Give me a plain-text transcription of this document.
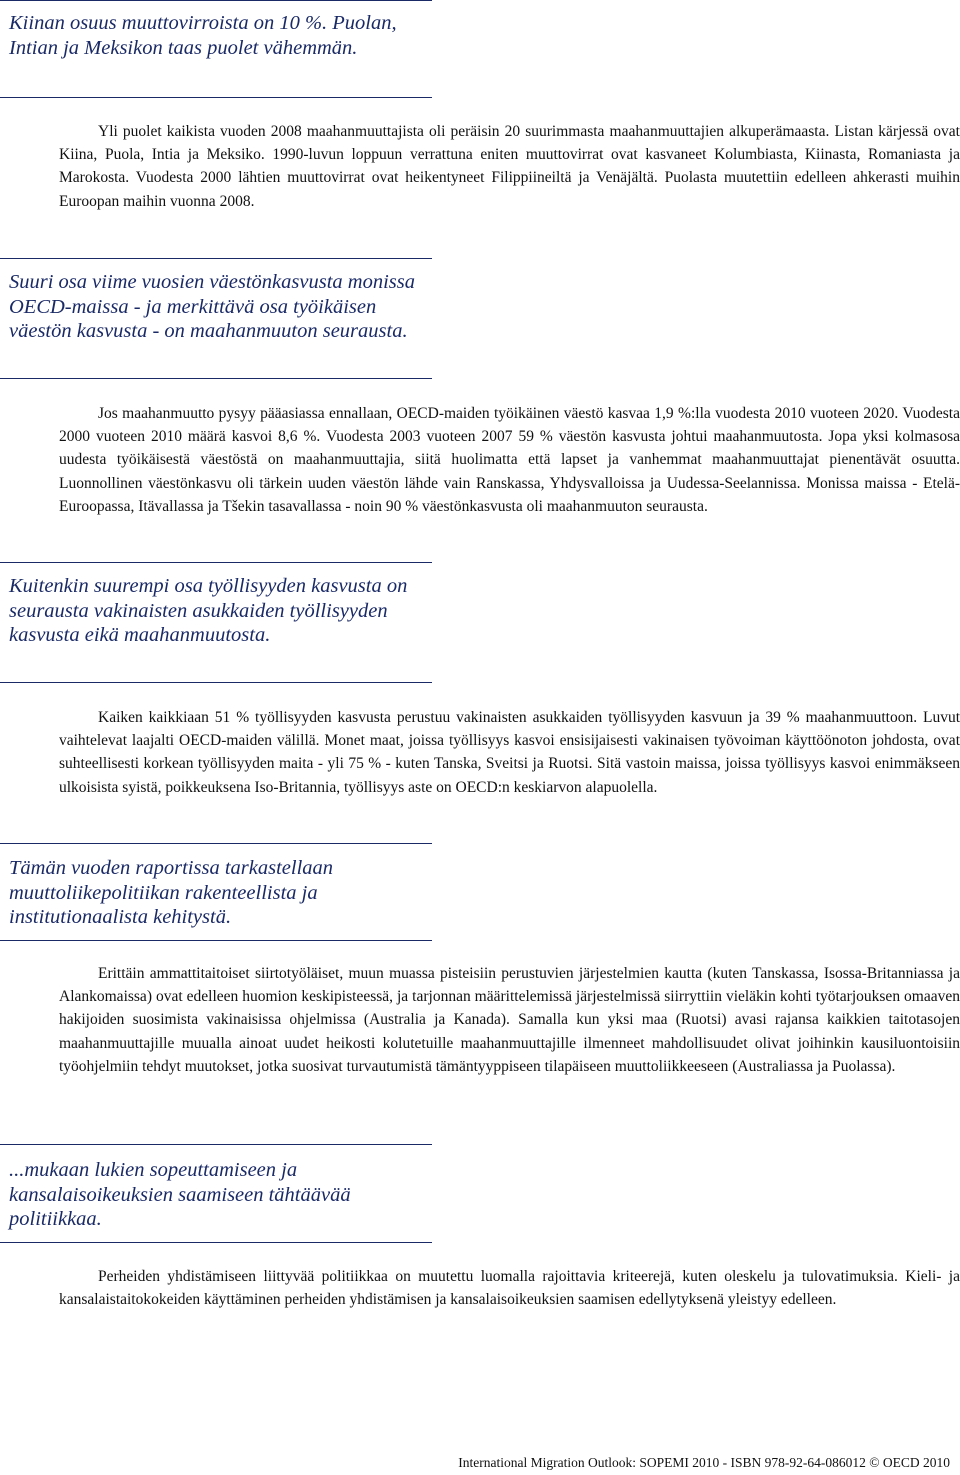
Kiinan osuus muuttovirroista on 10 %. Puolan, Intian ja Meksikon taas puolet vähemmän.

Yli puolet kaikista vuoden 2008 maahanmuuttajista oli peräisin 20 suurimmasta maahanmuuttajien alkuperämaasta. Listan kärjessä ovat Kiina, Puola, Intia ja Meksiko. 1990-luvun loppuun verrattuna eniten muuttovirrat ovat kasvaneet Kolumbiasta, Kiinasta, Romaniasta ja Marokosta. Vuodesta 2000 lähtien muuttovirrat ovat heikentyneet Filippiineiltä ja Venäjältä. Puolasta muutettiin edelleen ahkerasti muihin Euroopan maihin vuonna 2008.

Suuri osa viime vuosien väestönkasvusta monissa OECD-maissa - ja merkittävä osa työikäisen väestön kasvusta - on maahanmuuton seurausta.

Jos maahanmuutto pysyy pääasiassa ennallaan, OECD-maiden työikäinen väestö kasvaa 1,9 %:lla vuodesta 2010 vuoteen 2020. Vuodesta 2000 vuoteen 2010 määrä kasvoi 8,6 %. Vuodesta 2003 vuoteen 2007 59 % väestön kasvusta johtui maahanmuutosta. Jopa yksi kolmasosa uudesta työikäisestä väestöstä on maahanmuuttajia, siitä huolimatta että lapset ja vanhemmat maahanmuuttajat pienentävät osuutta. Luonnollinen väestönkasvu oli tärkein uuden väestön lähde vain Ranskassa, Yhdysvalloissa ja Uudessa-Seelannissa. Monissa maissa - Etelä-Euroopassa, Itävallassa ja Tšekin tasavallassa - noin 90 % väestönkasvusta oli maahanmuuton seurausta.

Kuitenkin suurempi osa työllisyyden kasvusta on seurausta vakinaisten asukkaiden työllisyyden kasvusta eikä maahanmuutosta.

Kaiken kaikkiaan 51 % työllisyyden kasvusta perustuu vakinaisten asukkaiden työllisyyden kasvuun ja 39 % maahanmuuttoon. Luvut vaihtelevat laajalti OECD-maiden välillä. Monet maat, joissa työllisyys kasvoi ensisijaisesti vakinaisen työvoiman käyttöönoton johdosta, ovat suhteellisesti korkean työllisyyden maita - yli 75 % - kuten Tanska, Sveitsi ja Ruotsi. Sitä vastoin maissa, joissa työllisyys kasvoi enimmäkseen ulkoisista syistä, poikkeuksena Iso-Britannia, työllisyys aste on OECD:n keskiarvon alapuolella.

Tämän vuoden raportissa tarkastellaan muuttoliikepolitiikan rakenteellista ja institutionaalista kehitystä.

Erittäin ammattitaitoiset siirtotyöläiset, muun muassa pisteisiin perustuvien järjestelmien kautta (kuten Tanskassa, Isossa-Britanniassa ja Alankomaissa) ovat edelleen huomion keskipisteessä, ja tarjonnan määrittelemissä järjestelmissä siirryttiin vieläkin kohti työtarjouksen omaaven hakijoiden suosimista vakinaisissa ohjelmissa (Australia ja Kanada). Samalla kun yksi maa (Ruotsi) avasi rajansa kaikkien taitotasojen maahanmuuttajille muualla ainoat uudet heikosti kolutetuille maahanmuuttajille ilmenneet mahdollisuudet olivat joihinkin kausiluontoisiin työohjelmiin tehdyt muutokset, jotka suosivat turvautumistä tämäntyyppiseen tilapäiseen muuttoliikkeeseen (Australiassa ja Puolassa).

...mukaan lukien sopeuttamiseen ja kansalaisoikeuksien saamiseen tähtäävää politiikkaa.

Perheiden yhdistämiseen liittyvää politiikkaa on muutettu luomalla rajoittavia kriteerejä, kuten oleskelu ja tulovatimuksia. Kieli- ja kansalaistaitokokeiden käyttäminen perheiden yhdistämisen ja kansalaisoikeuksien saamisen edellytyksenä yleistyy edelleen.

International Migration Outlook: SOPEMI 2010 - ISBN 978-92-64-086012 © OECD 2010
